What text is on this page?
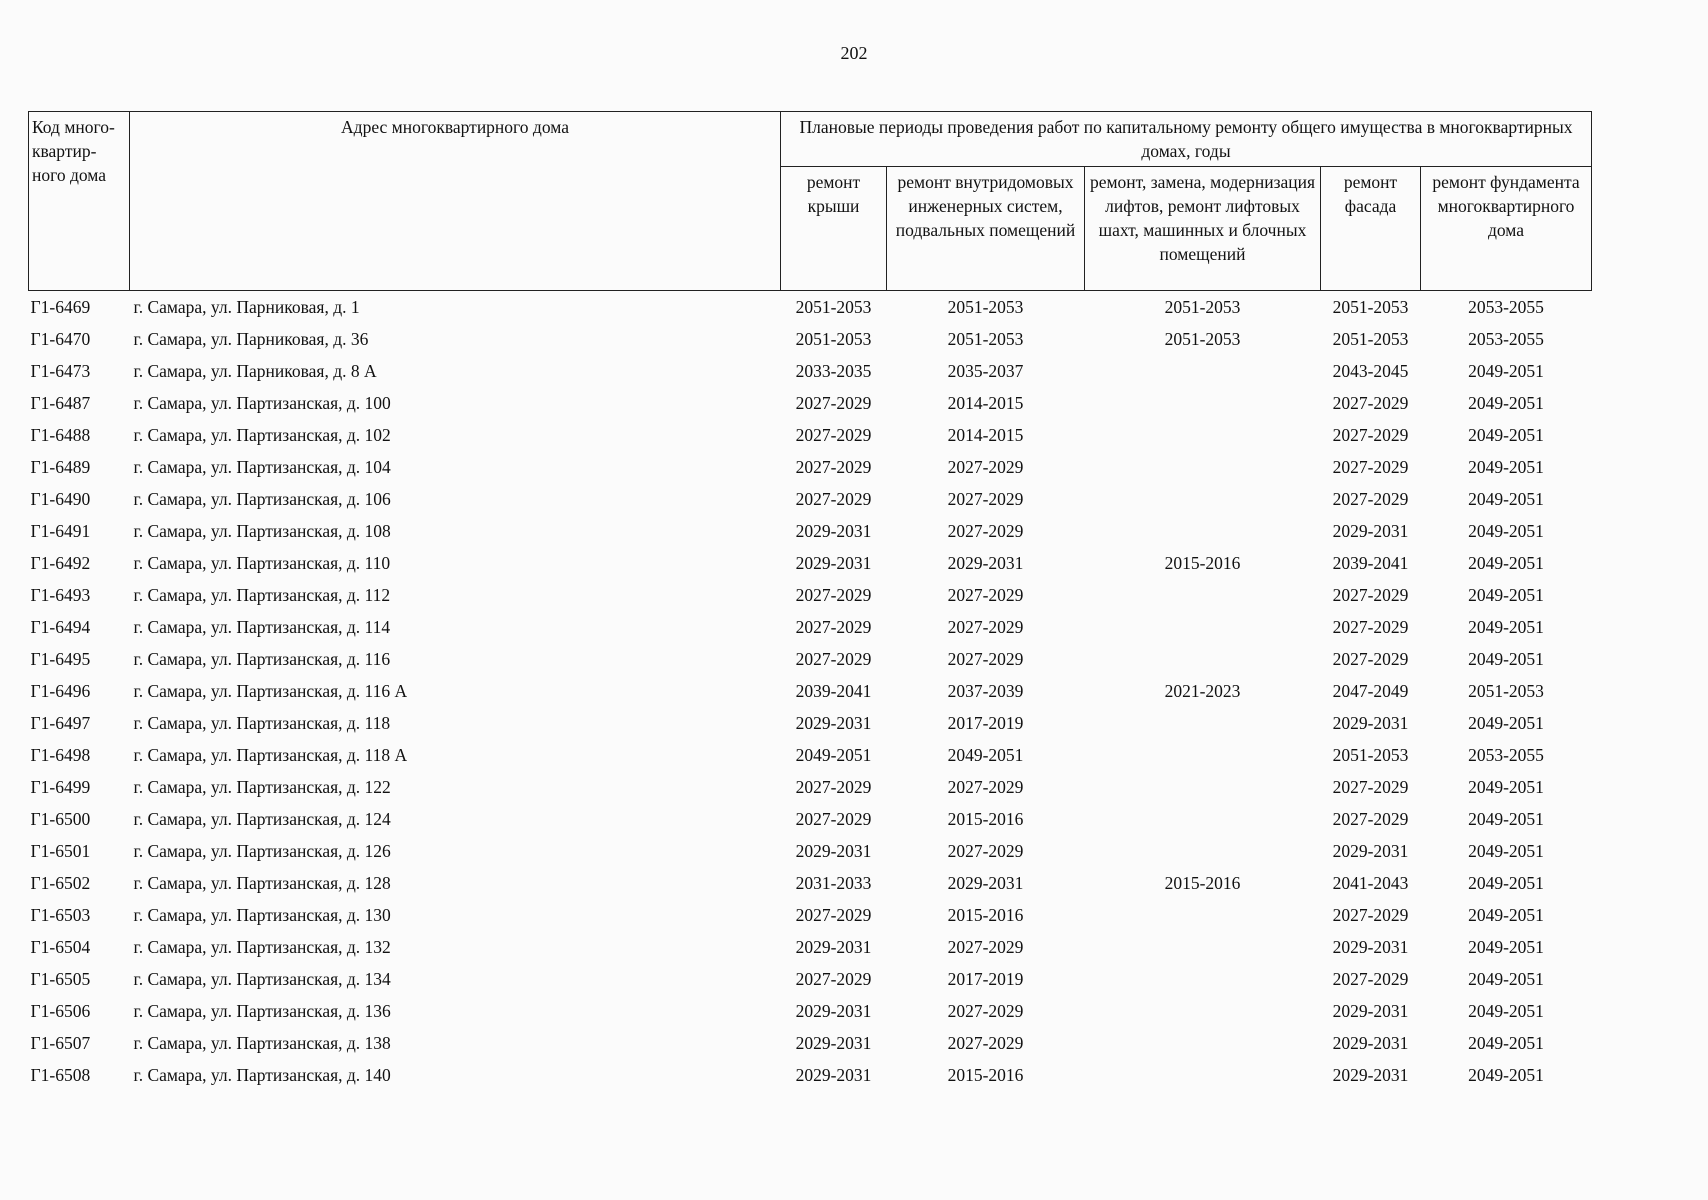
202
Код много-квартир-ного дома	Адрес многоквартирного дома	Плановые периоды проведения работ по капитальному ремонту общего имущества в многоквартирных домах, годы				
		ремонт крыши	ремонт внутридомовых инженерных систем, подвальных помещений	ремонт, замена, модернизация лифтов, ремонт лифтовых шахт, машинных и блочных помещений	ремонт фасада	ремонт фундамента многоквартирного дома
Г1-6469	г. Самара, ул. Парниковая, д. 1	2051-2053	2051-2053	2051-2053	2051-2053	2053-2055
Г1-6470	г. Самара, ул. Парниковая, д. 36	2051-2053	2051-2053	2051-2053	2051-2053	2053-2055
Г1-6473	г. Самара, ул. Парниковая, д. 8 А	2033-2035	2035-2037		2043-2045	2049-2051
Г1-6487	г. Самара, ул. Партизанская, д. 100	2027-2029	2014-2015		2027-2029	2049-2051
Г1-6488	г. Самара, ул. Партизанская, д. 102	2027-2029	2014-2015		2027-2029	2049-2051
Г1-6489	г. Самара, ул. Партизанская, д. 104	2027-2029	2027-2029		2027-2029	2049-2051
Г1-6490	г. Самара, ул. Партизанская, д. 106	2027-2029	2027-2029		2027-2029	2049-2051
Г1-6491	г. Самара, ул. Партизанская, д. 108	2029-2031	2027-2029		2029-2031	2049-2051
Г1-6492	г. Самара, ул. Партизанская, д. 110	2029-2031	2029-2031	2015-2016	2039-2041	2049-2051
Г1-6493	г. Самара, ул. Партизанская, д. 112	2027-2029	2027-2029		2027-2029	2049-2051
Г1-6494	г. Самара, ул. Партизанская, д. 114	2027-2029	2027-2029		2027-2029	2049-2051
Г1-6495	г. Самара, ул. Партизанская, д. 116	2027-2029	2027-2029		2027-2029	2049-2051
Г1-6496	г. Самара, ул. Партизанская, д. 116 А	2039-2041	2037-2039	2021-2023	2047-2049	2051-2053
Г1-6497	г. Самара, ул. Партизанская, д. 118	2029-2031	2017-2019		2029-2031	2049-2051
Г1-6498	г. Самара, ул. Партизанская, д. 118 А	2049-2051	2049-2051		2051-2053	2053-2055
Г1-6499	г. Самара, ул. Партизанская, д. 122	2027-2029	2027-2029		2027-2029	2049-2051
Г1-6500	г. Самара, ул. Партизанская, д. 124	2027-2029	2015-2016		2027-2029	2049-2051
Г1-6501	г. Самара, ул. Партизанская, д. 126	2029-2031	2027-2029		2029-2031	2049-2051
Г1-6502	г. Самара, ул. Партизанская, д. 128	2031-2033	2029-2031	2015-2016	2041-2043	2049-2051
Г1-6503	г. Самара, ул. Партизанская, д. 130	2027-2029	2015-2016		2027-2029	2049-2051
Г1-6504	г. Самара, ул. Партизанская, д. 132	2029-2031	2027-2029		2029-2031	2049-2051
Г1-6505	г. Самара, ул. Партизанская, д. 134	2027-2029	2017-2019		2027-2029	2049-2051
Г1-6506	г. Самара, ул. Партизанская, д. 136	2029-2031	2027-2029		2029-2031	2049-2051
Г1-6507	г. Самара, ул. Партизанская, д. 138	2029-2031	2027-2029		2029-2031	2049-2051
Г1-6508	г. Самара, ул. Партизанская, д. 140	2029-2031	2015-2016		2029-2031	2049-2051
